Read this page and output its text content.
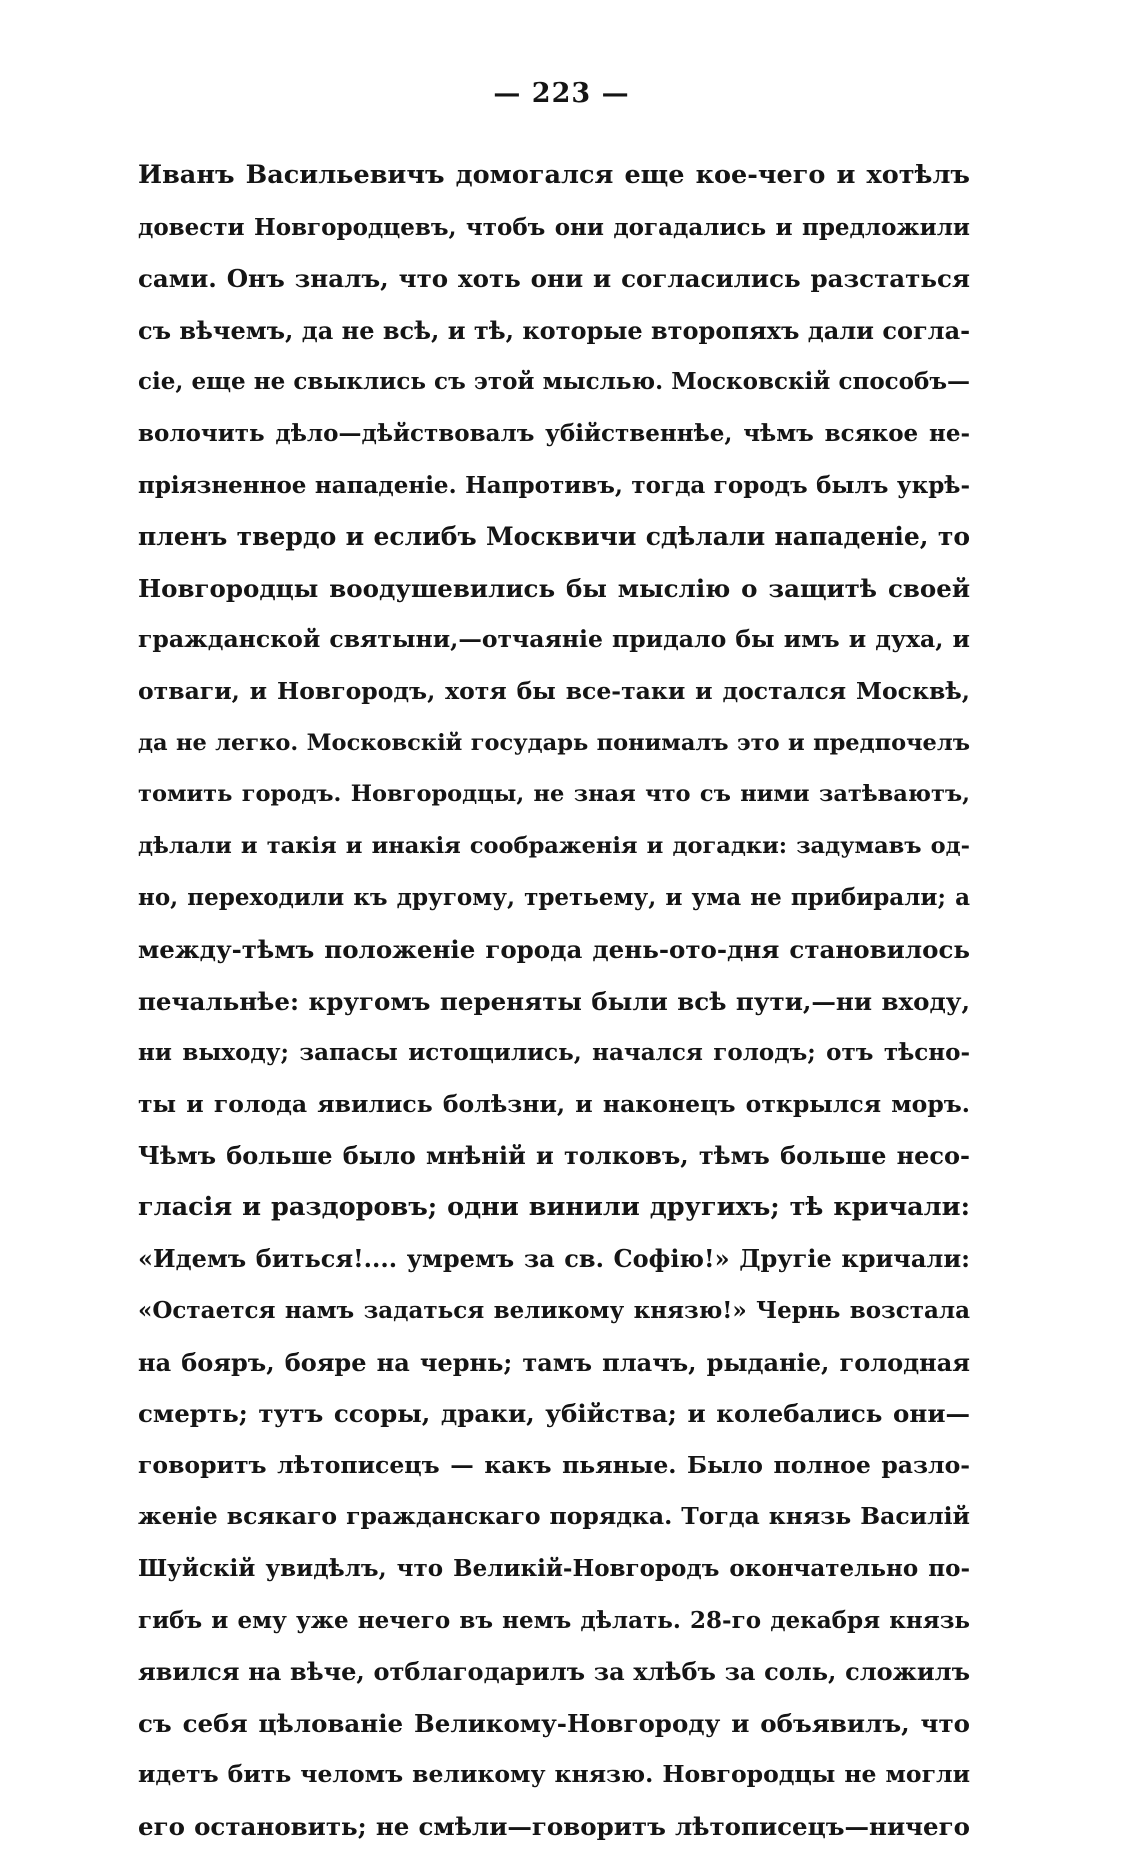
— 223 —
Иванъ Васильевичъ домогался еще кое-чего и хотѣлъ
довести Новгородцевъ, чтобъ они догадались и предложили
сами. Онъ зналъ, что хоть они и согласились разстаться
съ вѣчемъ, да не всѣ, и тѣ, которые второпяхъ дали согла-
сіе, еще не свыклись съ этой мыслью. Московскій способъ—
волочить дѣло—дѣйствовалъ убійственнѣе, чѣмъ всякое не-
пріязненное нападеніе. Напротивъ, тогда городъ былъ укрѣ-
пленъ твердо и еслибъ Москвичи сдѣлали нападеніе, то
Новгородцы воодушевились бы мыслію о защитѣ своей
гражданской святыни,—отчаяніе придало бы имъ и духа, и
отваги, и Новгородъ, хотя бы все-таки и достался Москвѣ,
да не легко. Московскій государь понималъ это и предпочелъ
томить городъ. Новгородцы, не зная что съ ними затѣваютъ,
дѣлали и такія и инакія соображенія и догадки: задумавъ од-
но, переходили къ другому, третьему, и ума не прибирали; а
между-тѣмъ положеніе города день-ото-дня становилось
печальнѣе: кругомъ переняты были всѣ пути,—ни входу,
ни выходу; запасы истощились, начался голодъ; отъ тѣсно-
ты и голода явились болѣзни, и наконецъ открылся моръ.
Чѣмъ больше было мнѣній и толковъ, тѣмъ больше несо-
гласія и раздоровъ; одни винили другихъ; тѣ кричали:
«Идемъ биться!.... умремъ за св. Софію!» Другіе кричали:
«Остается намъ задаться великому князю!» Чернь возстала
на бояръ, бояре на чернь; тамъ плачъ, рыданіе, голодная
смерть; тутъ ссоры, драки, убійства; и колебались они—
говоритъ лѣтописецъ — какъ пьяные. Было полное разло-
женіе всякаго гражданскаго порядка. Тогда князь Василій
Шуйскій увидѣлъ, что Великій-Новгородъ окончательно по-
гибъ и ему уже нечего въ немъ дѣлать. 28-го декабря князь
явился на вѣче, отблагодарилъ за хлѣбъ за соль, сложилъ
съ себя цѣлованіе Великому-Новгороду и объявилъ, что
идетъ бить челомъ великому князю. Новгородцы не могли
его остановить; не смѣли—говоритъ лѣтописецъ—ничего
